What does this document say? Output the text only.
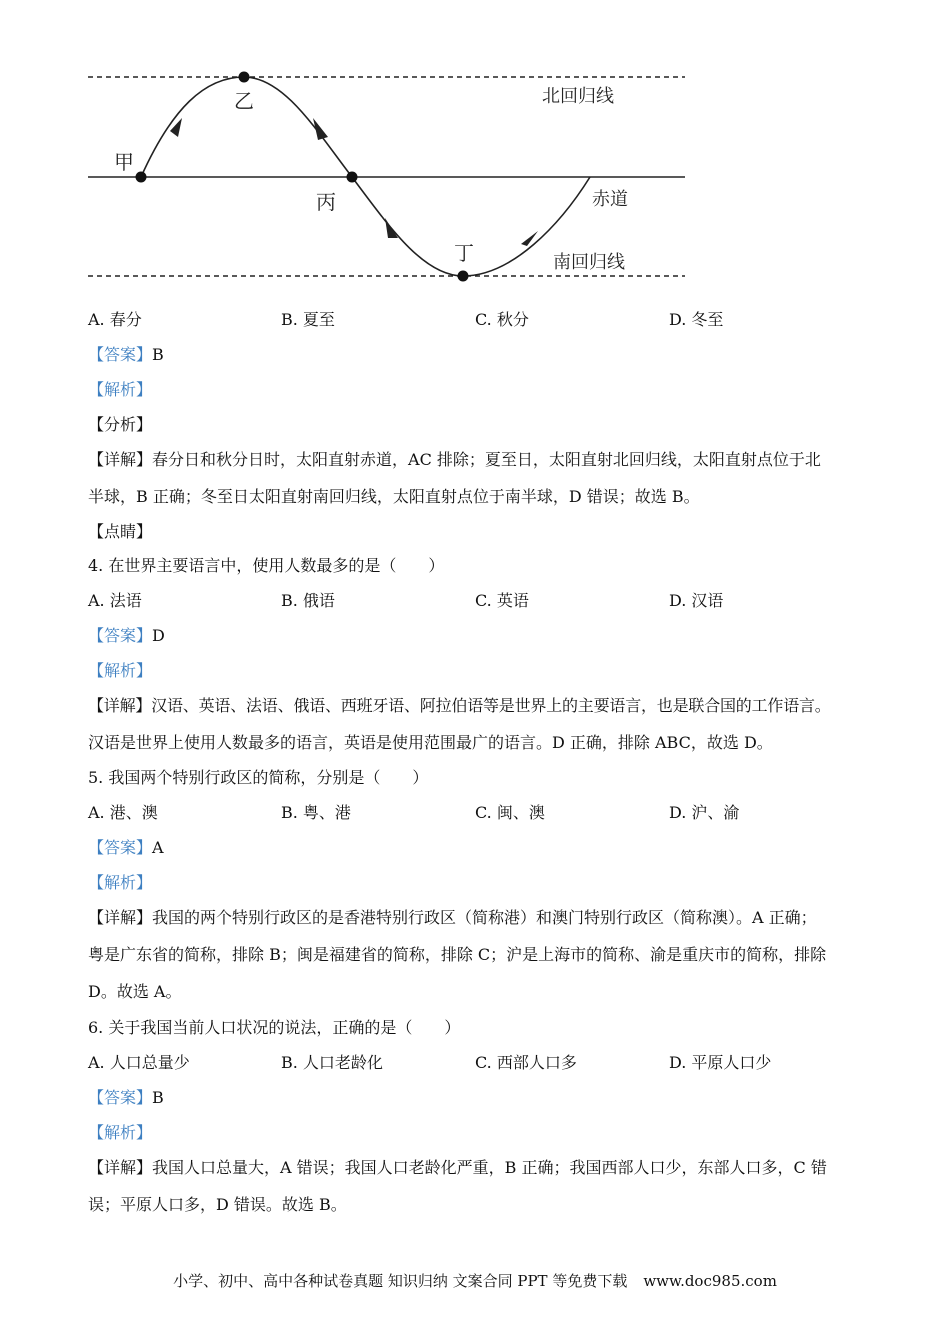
甲
乙
丙
丁
北回归线
赤道
南回归线
A. 春分	B. 夏至	C. 秋分	D. 冬至
【答案】B
【解析】
【分析】
【详解】春分日和秋分日时，太阳直射赤道，AC 排除；夏至日，太阳直射北回归线，太阳直射点位于北
半球，B 正确；冬至日太阳直射南回归线，太阳直射点位于南半球，D 错误；故选 B。
【点睛】
4. 在世界主要语言中，使用人数最多的是（　　）
A. 法语	B. 俄语	C. 英语	D. 汉语
【答案】D
【解析】
【详解】汉语、英语、法语、俄语、西班牙语、阿拉伯语等是世界上的主要语言，也是联合国的工作语言。
汉语是世界上使用人数最多的语言，英语是使用范围最广的语言。D 正确，排除 ABC，故选 D。
5. 我国两个特别行政区的简称，分别是（　　）
A. 港、澳	B. 粤、港	C. 闽、澳	D. 沪、渝
【答案】A
【解析】
【详解】我国的两个特别行政区的是香港特别行政区（简称港）和澳门特别行政区（简称澳）。A 正确；
粤是广东省的简称，排除 B；闽是福建省的简称，排除 C；沪是上海市的简称、渝是重庆市的简称，排除
D。故选 A。
6. 关于我国当前人口状况的说法，正确的是（　　）
A. 人口总量少	B. 人口老龄化	C. 西部人口多	D. 平原人口少
【答案】B
【解析】
【详解】我国人口总量大，A 错误；我国人口老龄化严重，B 正确；我国西部人口少，东部人口多，C 错
误；平原人口多，D 错误。故选 B。
小学、初中、高中各种试卷真题 知识归纳 文案合同 PPT 等免费下载 www.doc985.com
